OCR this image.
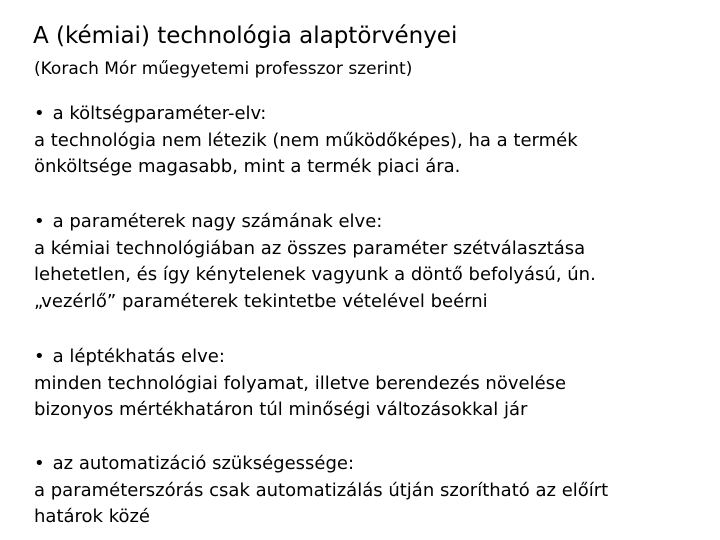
A (kémiai) technológia alaptörvényei
(Korach Mór műegyetemi professzor szerint)
• a költségparaméter-elv:
a technológia nem létezik (nem működőképes), ha a termék
önköltsége magasabb, mint a termék piaci ára.
• a paraméterek nagy számának elve:
a kémiai technológiában az összes paraméter szétválasztása
lehetetlen, és így kénytelenek vagyunk a döntő befolyású, ún.
„vezérlő” paraméterek tekintetbe vételével beérni
• a léptékhatás elve:
minden technológiai folyamat, illetve berendezés növelése
bizonyos mértékhatáron túl minőségi változásokkal jár
• az automatizáció szükségessége:
a paraméterszórás csak automatizálás útján szorítható az előírt
határok közé
